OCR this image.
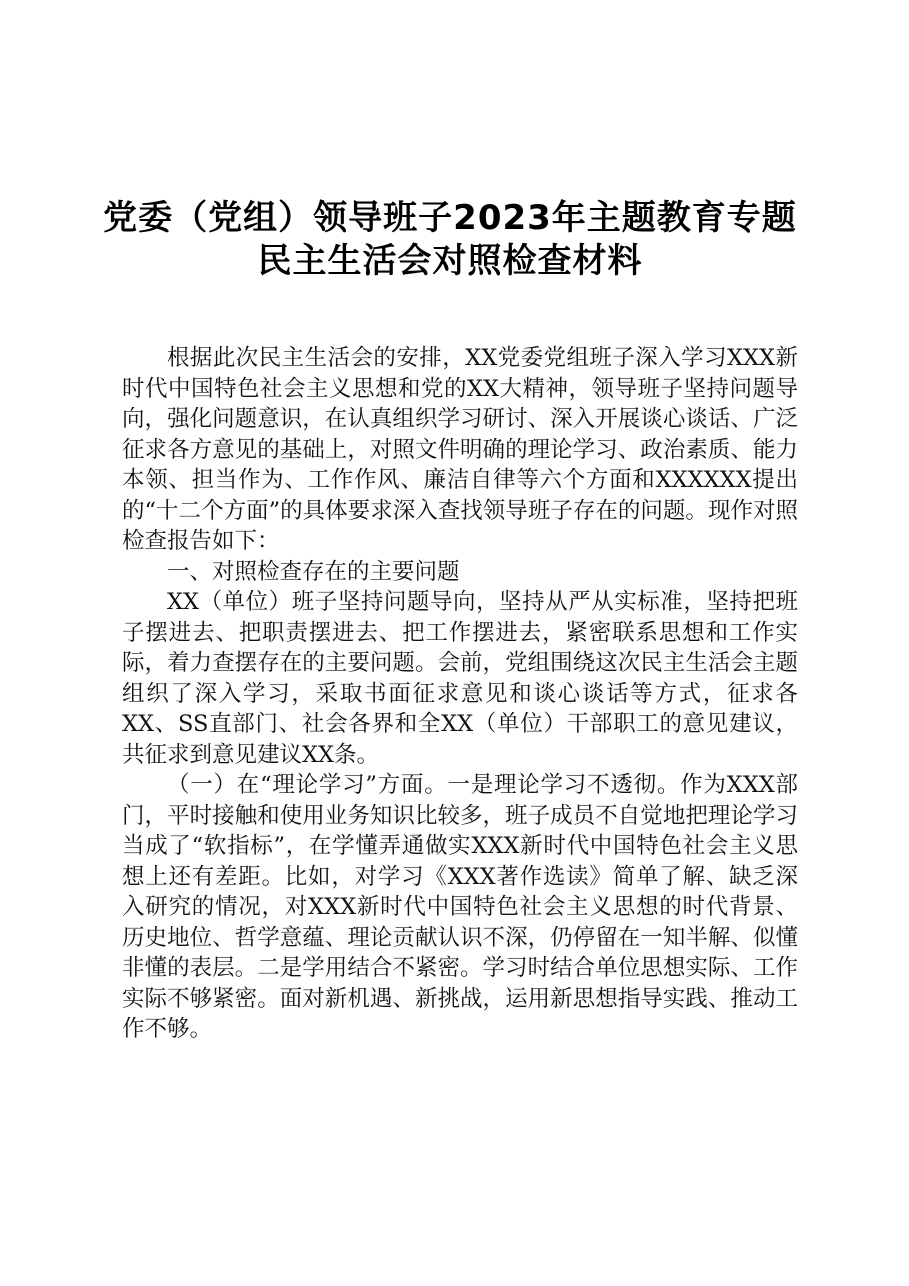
党委（党组）领导班子2023年主题教育专题
民主生活会对照检查材料

根据此次民主生活会的安排，XX党委党组班子深入学习XXX新时代中国特色社会主义思想和党的XX大精神，领导班子坚持问题导向，强化问题意识，在认真组织学习研讨、深入开展谈心谈话、广泛征求各方意见的基础上，对照文件明确的理论学习、政治素质、能力本领、担当作为、工作作风、廉洁自律等六个方面和XXXXXX提出的“十二个方面”的具体要求深入查找领导班子存在的问题。现作对照检查报告如下：

一、对照检查存在的主要问题

XX（单位）班子坚持问题导向，坚持从严从实标准，坚持把班子摆进去、把职责摆进去、把工作摆进去，紧密联系思想和工作实际，着力查摆存在的主要问题。会前，党组围绕这次民主生活会主题组织了深入学习，采取书面征求意见和谈心谈话等方式，征求各XX、SS直部门、社会各界和全XX（单位）干部职工的意见建议，共征求到意见建议XX条。

（一）在“理论学习”方面。一是理论学习不透彻。作为XXX部门，平时接触和使用业务知识比较多，班子成员不自觉地把理论学习当成了“软指标”，在学懂弄通做实XXX新时代中国特色社会主义思想上还有差距。比如，对学习《XXX著作选读》简单了解、缺乏深入研究的情况，对XXX新时代中国特色社会主义思想的时代背景、历史地位、哲学意蕴、理论贡献认识不深，仍停留在一知半解、似懂非懂的表层。二是学用结合不紧密。学习时结合单位思想实际、工作实际不够紧密。面对新机遇、新挑战，运用新思想指导实践、推动工作不够。
